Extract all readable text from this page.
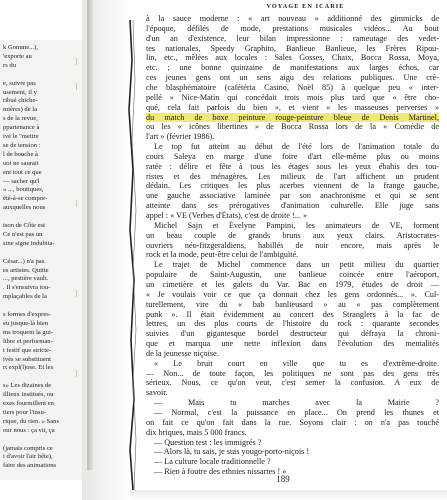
k Gomme...),
'exporte au
rs du
e, suivre pas
usement, il y
ribué chiche-
mières) de la
s de la revue,
ppartenance à
ivé le "mettre
se de tension :
l de bouche à
uoi ne saurait
ent tout ce que
— sacher qu'l
« ..., boutiques,
été-à-se compor-
auxquelles nous
ison de Côte est
Ce n'est pas un
sine signe indubita-
César...) n'a pas
es artistes. Quitte
..., pestière vault.
. Il s'ensuivra tou-
mplaçables de la
s formes d'expres-
eu jusque-là bien
ms troquent la gui-
libre et performan-
t festif que stricte-
ivès se substituent
rt expl(l)ose. Et les
s» Les dizaines de
illieux institués, ou
exes fourmillent en
tiers pour l'insu-
rique, du rien. » Sans
our nous : ça vit, ça
(jamais compris ce
i d'avoir l'air bête),
faire des animations
VOYAGE EN ICARIE
à la sauce moderne : « art nouveau » additionné des gimmicks de
l'époque, défilés de mode, prestations musicales vidéos... Au bout
d'un an d'existence, leur bilan impressionne : rameutage des vedet-
tes nationales, Speedy Graphito, Banlieue Banlieue, les Frères Ripou-
lin, etc., mêlées aux locales : Sales Gosses, Chaix, Bocca Rossa, Moya,
etc. ; une bonne quinzaine de manifestations aux larges échos, car
ces jeunes gens ont un sens aigu des relations publiques. Une crè-
che blasphématoire (cafétéria Casino, Noël 85) à quelque peu « inter-
pellé » Nice-Matin qui concédait trois mois plus tard que « être cho-
qué, cela fait parfois du bien », et vient « les masseuses perverses »
du match de boxe peinture rouge-peinture bleue de Denis Martinel,
ou les « icônes libertines » de Bocca Rossa lors de la « Comédie de
l'art » (février 1986).
Le top fut atteint au début de l'été lors de l'animation totale du
cours Saleya en marge d'une foire d'art elle-même plus ou moins
ratée : délire et fête à tous les étages sous les yeux ébahis des tou-
ristes et des ménagères. Les milieux de l'art affichent un prudent
dédain. Les critiques les plus acerbes viennent de la frange gauche,
une gauche associative laminée par son anachronisme et qui se sent
atteinte dans ses prérogatives d'animation culturelle. Elle juge sans
appel : « VE (Verbes d'États), c'est de droite !... »
Michel Sajn et Évelyne Pampini, les animateurs de VE, forment
un beau couple de grands bruns aux yeux clairs. Aristocrates-
ouvriers néo-fitzgeraldiens, habillés de noir encore, mais après le
rock et la mode, peut-être celui de l'ambiguïté.
Le trajet de Michel commence dans un petit milieu du quartier
populaire de Saint-Augustin, une banlieue coincée entre l'aéroport,
un cimetière et les galets du Var. Bac en 1979, études de droit —
« Je voulais voir ce que ça donnait chez les gens ordonnés... ». Cul-
turellement, vire du « bab banlieusard » au « pas complètement
punk ». Il était évidemment au concert des Stranglers à la fac de
lettres, un des plus courts de l'histoire du rock : quarante secondes
suivies d'un gigantesque bordel destructeur qui défraya la chroni-
que et marqua une nette inflexion dans l'évolution des mentalités
de la jeunesse niçoise.
« Le bruit court en ville que tu es d'extrême-droite.
— Non... de toute façon, les politiques ne sont pas des gens très
sérieux. Nous, ce qu'on veut, c'est semer la confusion. A eux de
savoir.
— Mais tu marches avec la Mairie ?
— Normal, c'est la puissance en place... On prend les thunes et
on fait ce qu'on fait dans la rue. Soyons clair : on n'a pas touché
dix briques, mais 5 000 francs.
— Question test : les immigrés ?
— Alors là, tu sais, je suis yougo-porto-niçois !
— La culture locale traditionnelle ?
— Rien à foutre des ethnies nissartes ! »
189
